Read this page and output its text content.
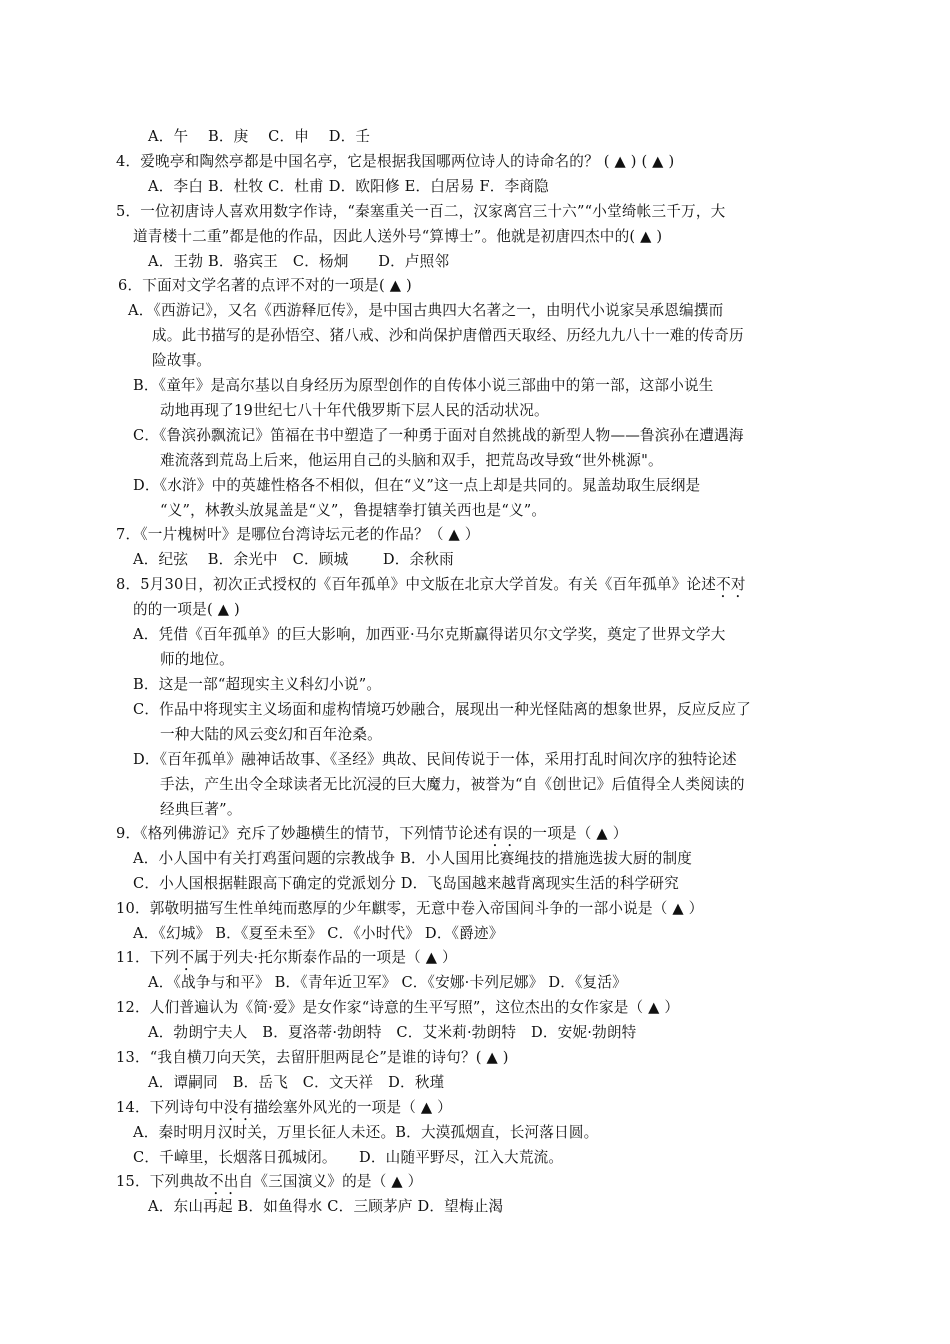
A．午　 B．庚　 C．申　 D．壬
4．爱晚亭和陶然亭都是中国名亭，它是根据我国哪两位诗人的诗命名的？ ( ▲ ) ( ▲ )
A．李白 B．杜牧 C．杜甫 D．欧阳修 E．白居易 F．李商隐
5．一位初唐诗人喜欢用数字作诗，“秦塞重关一百二，汉家离宫三十六”“小堂绮帐三千万，大
道青楼十二重”都是他的作品，因此人送外号“算博士”。他就是初唐四杰中的( ▲ )
A．王勃 B．骆宾王　C．杨炯　　D．卢照邻
6．下面对文学名著的点评不对的一项是( ▲ )
A．《西游记》，又名《西游释厄传》，是中国古典四大名著之一，由明代小说家吴承恩编撰而
成。此书描写的是孙悟空、猪八戒、沙和尚保护唐僧西天取经、历经九九八十一难的传奇历
险故事。
B．《童年》是高尔基以自身经历为原型创作的自传体小说三部曲中的第一部，这部小说生
动地再现了19世纪七八十年代俄罗斯下层人民的活动状况。
C．《鲁滨孙飘流记》笛福在书中塑造了一种勇于面对自然挑战的新型人物——鲁滨孙在遭遇海
难流落到荒岛上后来，他运用自己的头脑和双手，把荒岛改导致“世外桃源"。
D．《水浒》中的英雄性格各不相似，但在“义”这一点上却是共同的。晁盖劫取生辰纲是
“义”，林教头放晁盖是“义”，鲁提辖拳打镇关西也是“义”。
7．《一片槐树叶》是哪位台湾诗坛元老的作品？（ ▲ ）
A．纪弦　 B．余光中　C．顾城　　 D．余秋雨
8．5月30日，初次正式授权的《百年孤单》中文版在北京大学首发。有关《百年孤单》论述不对
的的一项是( ▲ )
A．凭借《百年孤单》的巨大影响，加西亚·马尔克斯赢得诺贝尔文学奖，奠定了世界文学大
师的地位。
B．这是一部“超现实主义科幻小说”。
C．作品中将现实主义场面和虚构情境巧妙融合，展现出一种光怪陆离的想象世界，反应反应了
一种大陆的风云变幻和百年沧桑。
D．《百年孤单》融神话故事、《圣经》典故、民间传说于一体，采用打乱时间次序的独特论述
手法，产生出令全球读者无比沉浸的巨大魔力，被誉为“自《创世记》后值得全人类阅读的
经典巨著”。
9．《格列佛游记》充斥了妙趣横生的情节，下列情节论述有误的一项是（ ▲ ）
A．小人国中有关打鸡蛋问题的宗教战争 B．小人国用比赛绳技的措施选拔大厨的制度
C．小人国根据鞋跟高下确定的党派划分 D．飞岛国越来越背离现实生活的科学研究
10．郭敬明描写生性单纯而憨厚的少年麒零，无意中卷入帝国间斗争的一部小说是（ ▲ ）
A．《幻城》 B．《夏至未至》 C．《小时代》 D．《爵迹》
11．下列不属于列夫·托尔斯泰作品的一项是（ ▲ ）
A．《战争与和平》 B．《青年近卫军》 C．《安娜·卡列尼娜》 D．《复活》
12．人们普遍认为《简·爱》是女作家“诗意的生平写照”，这位杰出的女作家是（ ▲ ）
A．勃朗宁夫人　B．夏洛蒂·勃朗特　C．艾米莉·勃朗特　D．安妮·勃朗特
13．“我自横刀向天笑，去留肝胆两昆仑”是谁的诗句？( ▲ )
A．谭嗣同　B．岳飞　C．文天祥　D．秋瑾
14．下列诗句中没有描绘塞外风光的一项是（ ▲ ）
A．秦时明月汉时关，万里长征人未还。B．大漠孤烟直，长河落日圆。
C．千嶂里，长烟落日孤城闭。　　D．山随平野尽，江入大荒流。
15．下列典故不出自《三国演义》的是（ ▲ ）
A．东山再起 B．如鱼得水 C．三顾茅庐 D．望梅止渴
